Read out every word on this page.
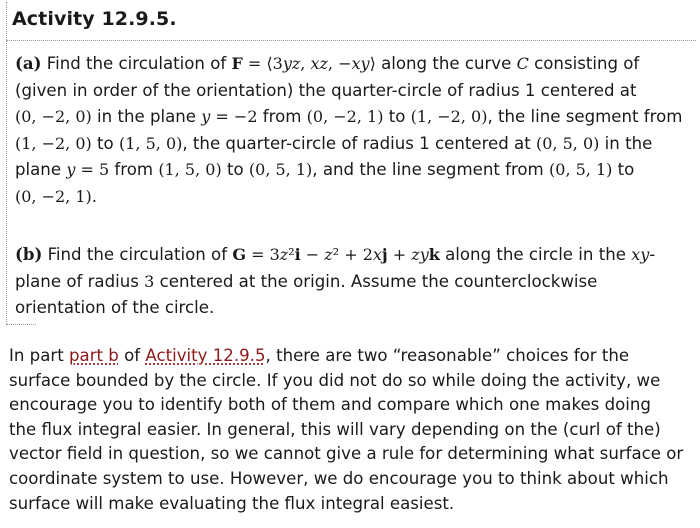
Activity 12.9.5.

(a) Find the circulation of F = ⟨3yz, xz, −xy⟩ along the curve C consisting of
(given in order of the orientation) the quarter-circle of radius 1 centered at
(0, −2, 0) in the plane y = −2 from (0, −2, 1) to (1, −2, 0), the line segment from
(1, −2, 0) to (1, 5, 0), the quarter-circle of radius 1 centered at (0, 5, 0) in the
plane y = 5 from (1, 5, 0) to (0, 5, 1), and the line segment from (0, 5, 1) to
(0, −2, 1).

(b) Find the circulation of G = 3z²i − z² + 2xj + zyk along the circle in the xy-
plane of radius 3 centered at the origin. Assume the counterclockwise
orientation of the circle.

In part part b of Activity 12.9.5, there are two “reasonable” choices for the
surface bounded by the circle. If you did not do so while doing the activity, we
encourage you to identify both of them and compare which one makes doing
the flux integral easier. In general, this will vary depending on the (curl of the)
vector field in question, so we cannot give a rule for determining what surface or
coordinate system to use. However, we do encourage you to think about which
surface will make evaluating the flux integral easiest.
